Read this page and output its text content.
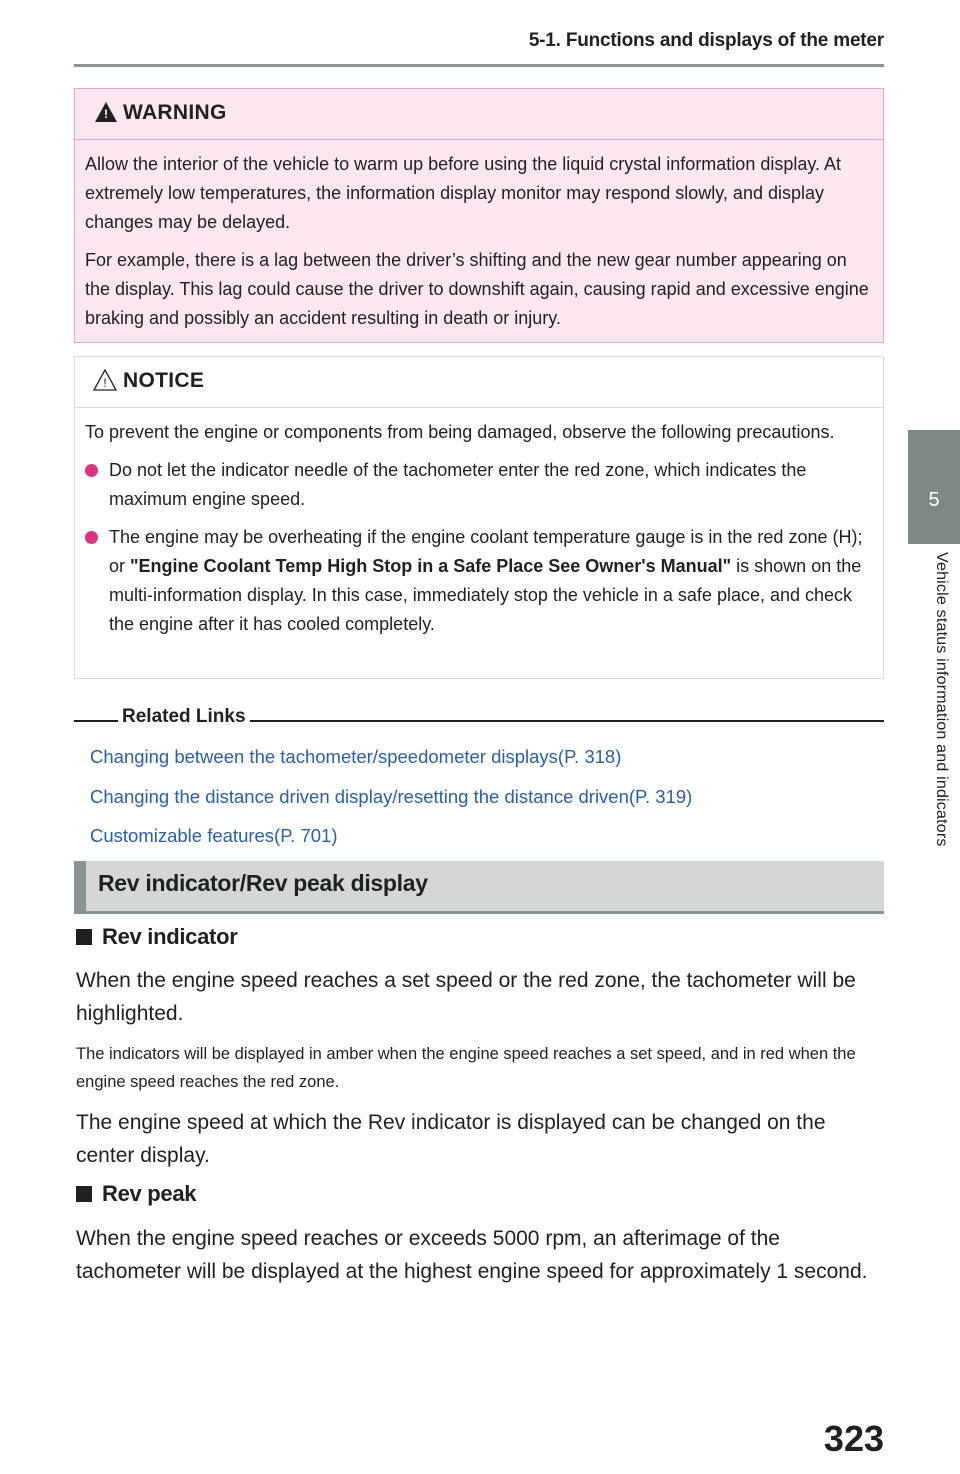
5-1. Functions and displays of the meter
5
Vehicle status information and indicators
! WARNING

Allow the interior of the vehicle to warm up before using the liquid crystal information display. At extremely low temperatures, the information display monitor may respond slowly, and display changes may be delayed.

For example, there is a lag between the driver’s shifting and the new gear number appearing on the display. This lag could cause the driver to downshift again, causing rapid and excessive engine braking and possibly an accident resulting in death or injury.

! NOTICE

To prevent the engine or components from being damaged, observe the following precautions.

Do not let the indicator needle of the tachometer enter the red zone, which indicates the maximum engine speed.
The engine may be overheating if the engine coolant temperature gauge is in the red zone (H); or "Engine Coolant Temp High Stop in a Safe Place See Owner's Manual" is shown on the multi-information display. In this case, immediately stop the vehicle in a safe place, and check the engine after it has cooled completely.
Related Links
Changing between the tachometer/speedometer displays(P. 318)
Changing the distance driven display/resetting the distance driven(P. 319)
Customizable features(P. 701)
Rev indicator/Rev peak display
Rev indicator
When the engine speed reaches a set speed or the red zone, the tachometer will be highlighted.
The indicators will be displayed in amber when the engine speed reaches a set speed, and in red when the engine speed reaches the red zone.
The engine speed at which the Rev indicator is displayed can be changed on the center display.
Rev peak
When the engine speed reaches or exceeds 5000 rpm, an afterimage of the tachometer will be displayed at the highest engine speed for approximately 1 second.
323
